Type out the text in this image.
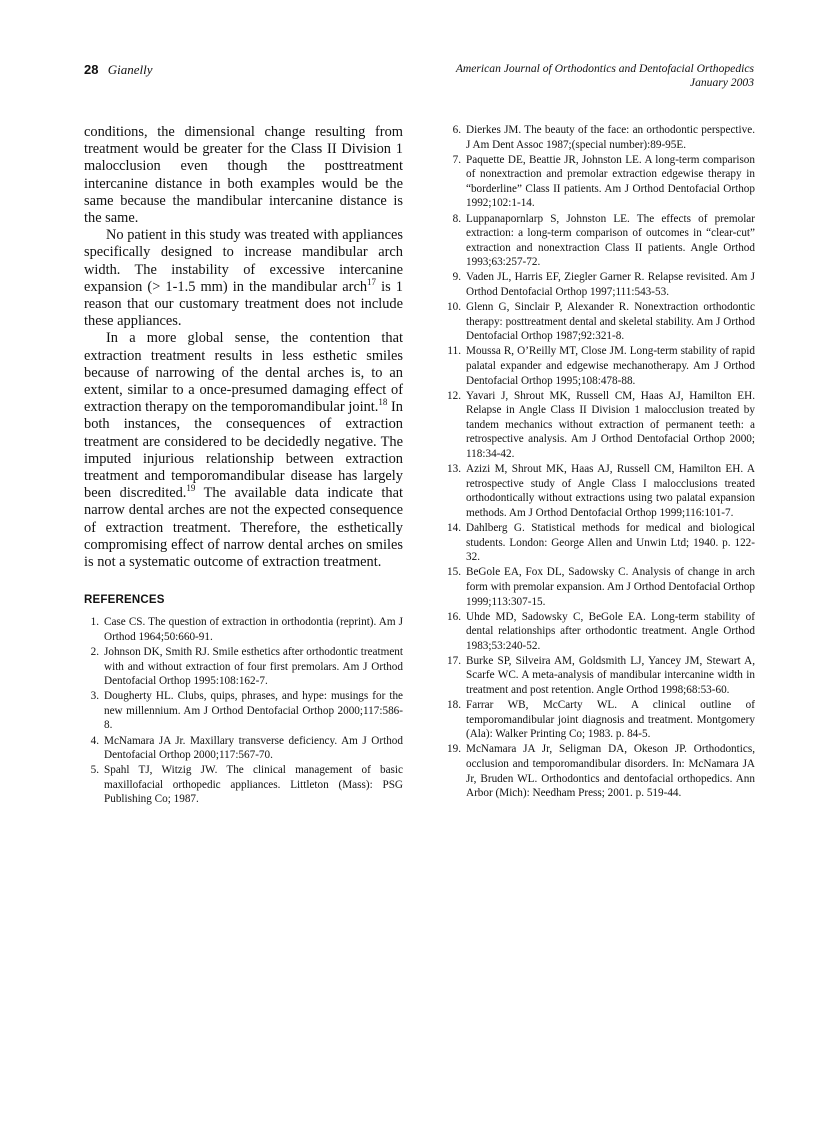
28 Gianelly	American Journal of Orthodontics and Dentofacial Orthopedics
January 2003

conditions, the dimensional change resulting from treatment would be greater for the Class II Division 1 malocclusion even though the posttreatment intercanine distance in both examples would be the same because the mandibular intercanine distance is the same.

No patient in this study was treated with appliances specifically designed to increase mandibular arch width. The instability of excessive intercanine expansion (> 1-1.5 mm) in the mandibular arch$^{17}$ is 1 reason that our customary treatment does not include these appliances.

In a more global sense, the contention that extraction treatment results in less esthetic smiles because of narrowing of the dental arches is, to an extent, similar to a once-presumed damaging effect of extraction therapy on the temporomandibular joint.$^{18}$ In both instances, the consequences of extraction treatment are considered to be decidedly negative. The imputed injurious relationship between extraction treatment and temporomandibular disease has largely been discredited.$^{19}$ The available data indicate that narrow dental arches are not the expected consequence of extraction treatment. Therefore, the esthetically compromising effect of narrow dental arches on smiles is not a systematic outcome of extraction treatment.

REFERENCES
1. Case CS. The question of extraction in orthodontia (reprint). Am J Orthod 1964;50:660-91.
2. Johnson DK, Smith RJ. Smile esthetics after orthodontic treatment with and without extraction of four first premolars. Am J Orthod Dentofacial Orthop 1995:108:162-7.
3. Dougherty HL. Clubs, quips, phrases, and hype: musings for the new millennium. Am J Orthod Dentofacial Orthop 2000;117:586-8.
4. McNamara JA Jr. Maxillary transverse deficiency. Am J Orthod Dentofacial Orthop 2000;117:567-70.
5. Spahl TJ, Witzig JW. The clinical management of basic maxillofacial orthopedic appliances. Littleton (Mass): PSG Publishing Co; 1987.
6. Dierkes JM. The beauty of the face: an orthodontic perspective. J Am Dent Assoc 1987;(special number):89-95E.
7. Paquette DE, Beattie JR, Johnston LE. A long-term comparison of nonextraction and premolar extraction edgewise therapy in “borderline” Class II patients. Am J Orthod Dentofacial Orthop 1992;102:1-14.
8. Luppanapornlarp S, Johnston LE. The effects of premolar extraction: a long-term comparison of outcomes in “clear-cut” extraction and nonextraction Class II patients. Angle Orthod 1993;63:257-72.
9. Vaden JL, Harris EF, Ziegler Garner R. Relapse revisited. Am J Orthod Dentofacial Orthop 1997;111:543-53.
10. Glenn G, Sinclair P, Alexander R. Nonextraction orthodontic therapy: posttreatment dental and skeletal stability. Am J Orthod Dentofacial Orthop 1987;92:321-8.
11. Moussa R, O’Reilly MT, Close JM. Long-term stability of rapid palatal expander and edgewise mechanotherapy. Am J Orthod Dentofacial Orthop 1995;108:478-88.
12. Yavari J, Shrout MK, Russell CM, Haas AJ, Hamilton EH. Relapse in Angle Class II Division 1 malocclusion treated by tandem mechanics without extraction of permanent teeth: a retrospective analysis. Am J Orthod Dentofacial Orthop 2000; 118:34-42.
13. Azizi M, Shrout MK, Haas AJ, Russell CM, Hamilton EH. A retrospective study of Angle Class I malocclusions treated orthodontically without extractions using two palatal expansion methods. Am J Orthod Dentofacial Orthop 1999;116:101-7.
14. Dahlberg G. Statistical methods for medical and biological students. London: George Allen and Unwin Ltd; 1940. p. 122-32.
15. BeGole EA, Fox DL, Sadowsky C. Analysis of change in arch form with premolar expansion. Am J Orthod Dentofacial Orthop 1999;113:307-15.
16. Uhde MD, Sadowsky C, BeGole EA. Long-term stability of dental relationships after orthodontic treatment. Angle Orthod 1983;53:240-52.
17. Burke SP, Silveira AM, Goldsmith LJ, Yancey JM, Stewart A, Scarfe WC. A meta-analysis of mandibular intercanine width in treatment and post retention. Angle Orthod 1998;68:53-60.
18. Farrar WB, McCarty WL. A clinical outline of temporomandibular joint diagnosis and treatment. Montgomery (Ala): Walker Printing Co; 1983. p. 84-5.
19. McNamara JA Jr, Seligman DA, Okeson JP. Orthodontics, occlusion and temporomandibular disorders. In: McNamara JA Jr, Bruden WL. Orthodontics and dentofacial orthopedics. Ann Arbor (Mich): Needham Press; 2001. p. 519-44.
